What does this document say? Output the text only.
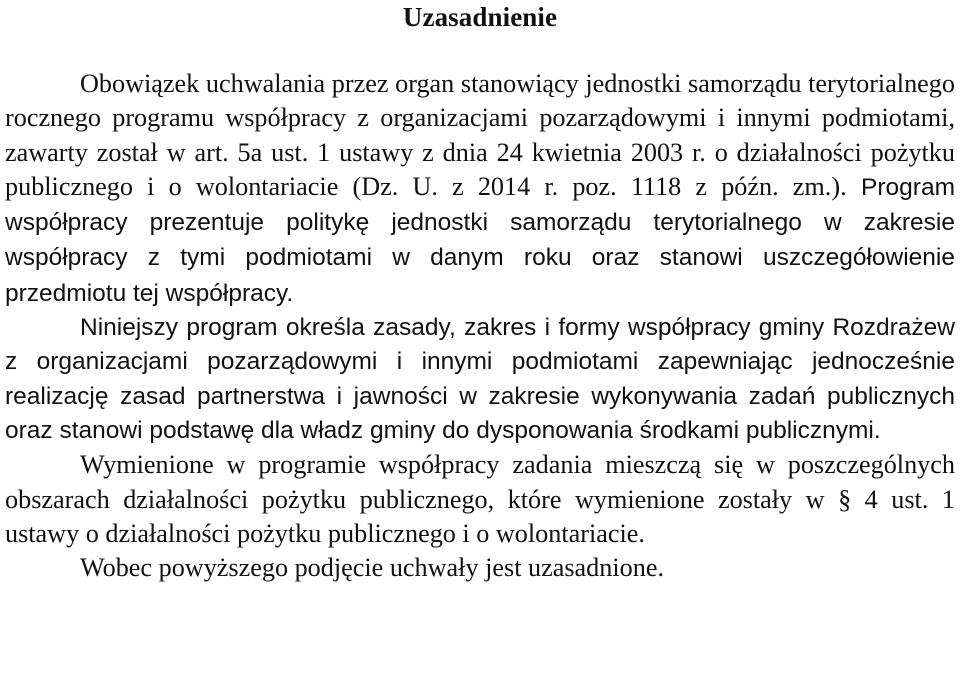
Uzasadnienie

Obowiązek uchwalania przez organ stanowiący jednostki samorządu terytorialnego rocznego programu współpracy z organizacjami pozarządowymi i innymi podmiotami, zawarty został w art. 5a ust. 1 ustawy z dnia 24 kwietnia 2003 r. o działalności pożytku publicznego i o wolontariacie (Dz. U. z 2014 r. poz. 1118 z późn. zm.). Program współpracy prezentuje politykę jednostki samorządu terytorialnego w zakresie współpracy z tymi podmiotami w danym roku oraz stanowi uszczegółowienie przedmiotu tej współpracy.

Niniejszy program określa zasady, zakres i formy współpracy gminy Rozdrażew z organizacjami pozarządowymi i innymi podmiotami zapewniając jednocześnie realizację zasad partnerstwa i jawności w zakresie wykonywania zadań publicznych oraz stanowi podstawę dla władz gminy do dysponowania środkami publicznymi.

Wymienione w programie współpracy zadania mieszczą się w poszczególnych obszarach działalności pożytku publicznego, które wymienione zostały w § 4 ust. 1 ustawy o działalności pożytku publicznego i o wolontariacie.

Wobec powyższego podjęcie uchwały jest uzasadnione.
